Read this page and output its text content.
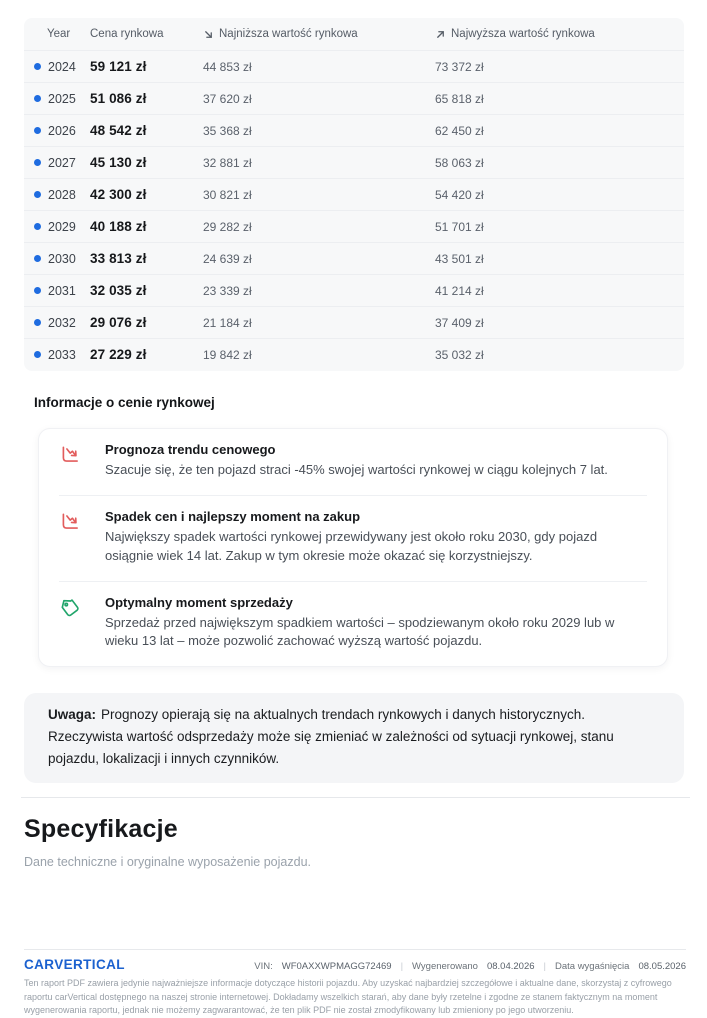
Year	Cena rynkowa	Najniższa wartość rynkowa	Najwyższa wartość rynkowa
2024 59 121 zł	44 853 zł	73 372 zł
2025 51 086 zł	37 620 zł	65 818 zł
2026 48 542 zł	35 368 zł	62 450 zł
2027 45 130 zł	32 881 zł	58 063 zł
2028 42 300 zł	30 821 zł	54 420 zł
2029 40 188 zł	29 282 zł	51 701 zł
2030 33 813 zł	24 639 zł	43 501 zł
2031 32 035 zł	23 339 zł	41 214 zł
2032 29 076 zł	21 184 zł	37 409 zł
2033 27 229 zł	19 842 zł	35 032 zł
Informacje o cenie rynkowej
Prognoza trendu cenowego
Szacuje się, że ten pojazd straci -45% swojej wartości rynkowej w ciągu kolejnych 7 lat.
Spadek cen i najlepszy moment na zakup
Największy spadek wartości rynkowej przewidywany jest około roku 2030, gdy pojazd osiągnie wiek 14 lat. Zakup w tym okresie może okazać się korzystniejszy.
Optymalny moment sprzedaży
Sprzedaż przed największym spadkiem wartości – spodziewanym około roku 2029 lub w wieku 13 lat – może pozwolić zachować wyższą wartość pojazdu.
Uwaga: Prognozy opierają się na aktualnych trendach rynkowych i danych historycznych. Rzeczywista wartość odsprzedaży może się zmieniać w zależności od sytuacji rynkowej, stanu pojazdu, lokalizacji i innych czynników.
Specyfikacje
Dane techniczne i oryginalne wyposażenie pojazdu.
CARVERTICAL	VIN: WF0AXXWPMAGG72469 | Wygenerowano 08.04.2026 | Data wygaśnięcia 08.05.2026
Ten raport PDF zawiera jedynie najważniejsze informacje dotyczące historii pojazdu. Aby uzyskać najbardziej szczegółowe i aktualne dane, skorzystaj z cyfrowego raportu carVertical dostępnego na naszej stronie internetowej. Dokładamy wszelkich starań, aby dane były rzetelne i zgodne ze stanem faktycznym na moment wygenerowania raportu, jednak nie możemy zagwarantować, że ten plik PDF nie został zmodyfikowany lub zmieniony po jego utworzeniu.
